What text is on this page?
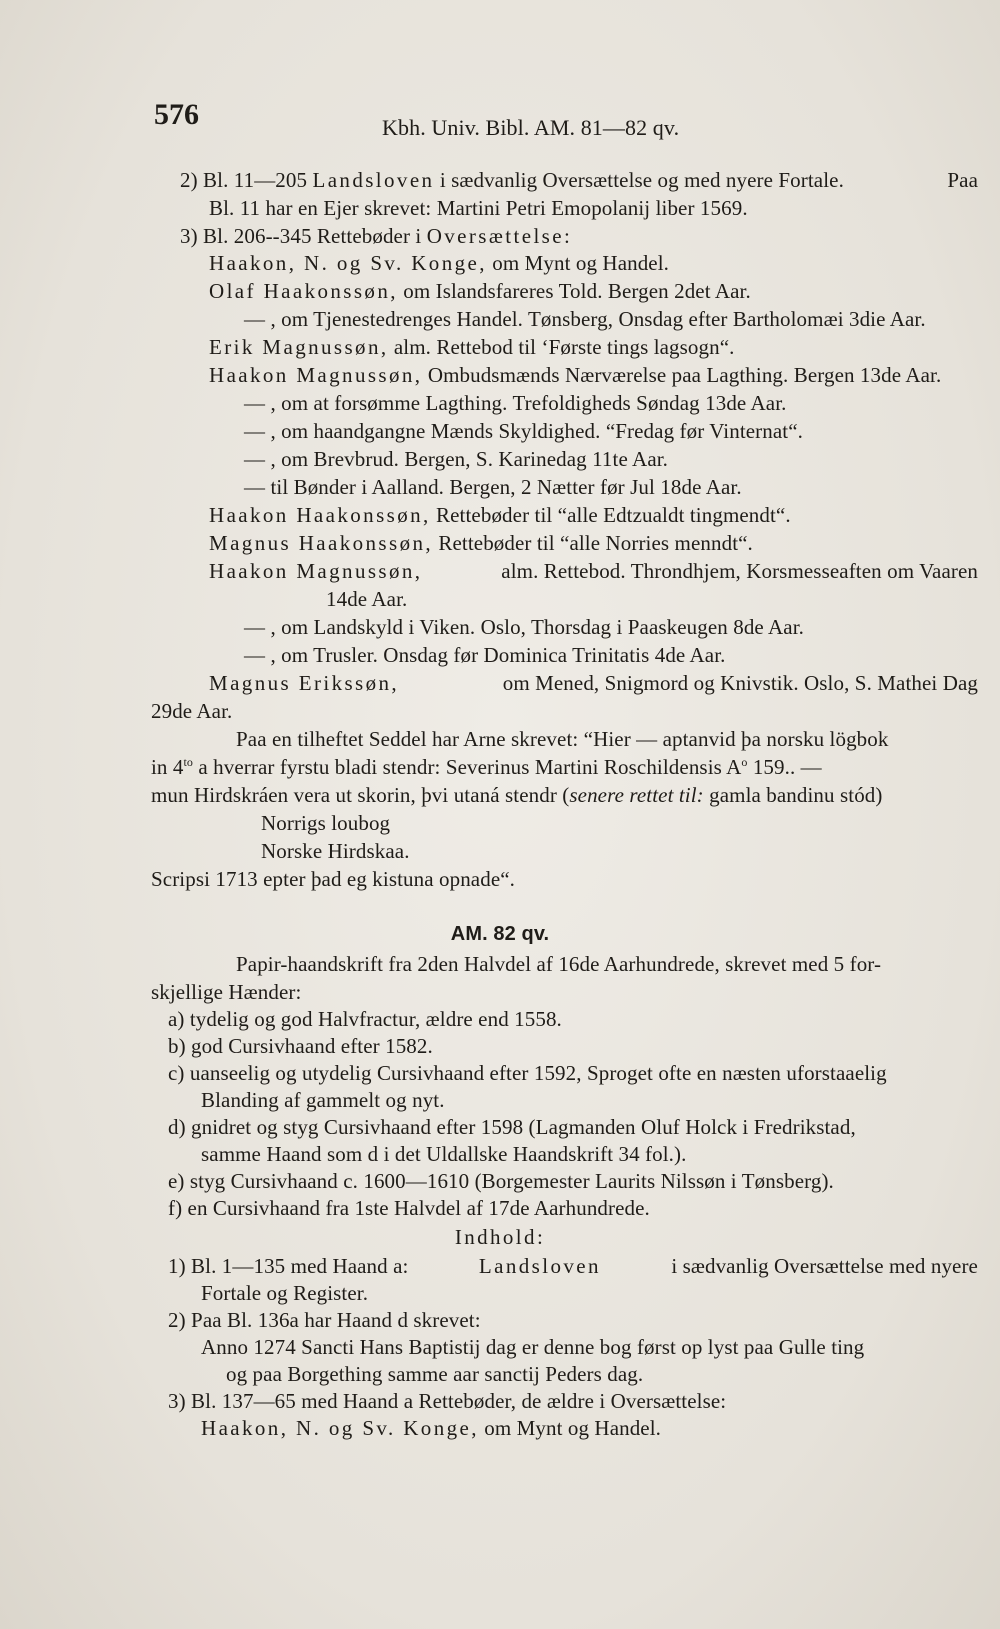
576	Kbh. Univ. Bibl. AM. 81—82 qv.
2) Bl. 11—205 Landsloven i sædvanlig Oversættelse og med nyere Fortale.	Paa
Bl. 11 har en Ejer skrevet: Martini Petri Emopolanij liber 1569.
3) Bl. 206--345 Rettebøder i Oversættelse:
Haakon, N. og Sv. Konge, om Mynt og Handel.
Olaf Haakonssøn, om Islandsfareres Told. Bergen 2det Aar.
— , om Tjenestedrenges Handel. Tønsberg, Onsdag efter Bartholomæi 3die Aar.
Erik Magnussøn, alm. Rettebod til ‘Første tings lagsogn“.
Haakon Magnussøn, Ombudsmænds Nærværelse paa Lagthing. Bergen 13de Aar.
— , om at forsømme Lagthing. Trefoldigheds Søndag 13de Aar.
— , om haandgangne Mænds Skyldighed. “Fredag før Vinternat“.
— , om Brevbrud. Bergen, S. Karinedag 11te Aar.
— til Bønder i Aalland. Bergen, 2 Nætter før Jul 18de Aar.
Haakon Haakonssøn, Rettebøder til “alle Edtzualdt tingmendt“.
Magnus Haakonssøn, Rettebøder til “alle Norries menndt“.
Haakon Magnussøn,	alm. Rettebod. Throndhjem, Korsmesseaften om Vaaren
14de Aar.
— , om Landskyld i Viken. Oslo, Thorsdag i Paaskeugen 8de Aar.
— , om Trusler. Onsdag før Dominica Trinitatis 4de Aar.
Magnus Erikssøn,	om Mened, Snigmord og Knivstik. Oslo, S. Mathei Dag
29de Aar.
Paa en tilheftet Seddel har Arne skrevet: “Hier — aptanvid þa norsku lögbok
in $4^{to}$ a hverrar fyrstu bladi stendr: Severinus Martini Roschildensis $A^o$ 159.. —
mun Hirdskráen vera ut skorin, þvi utaná stendr (senere rettet til: gamla bandinu stód)
Norrigs loubog
Norske Hirdskaa.
Scripsi 1713 epter þad eg kistuna opnade“.
AM. 82 qv.
Papir-haandskrift fra 2den Halvdel af 16de Aarhundrede, skrevet med 5 for-
skjellige Hænder:
a) tydelig og god Halvfractur, ældre end 1558.
b) god Cursivhaand efter 1582.
c) uanseelig og utydelig Cursivhaand efter 1592, Sproget ofte en næsten uforstaaelig
Blanding af gammelt og nyt.
d) gnidret og styg Cursivhaand efter 1598 (Lagmanden Oluf Holck i Fredrikstad,
samme Haand som d i det Uldallske Haandskrift 34 fol.).
e) styg Cursivhaand c. 1600—1610 (Borgemester Laurits Nilssøn i Tønsberg).
f) en Cursivhaand fra 1ste Halvdel af 17de Aarhundrede.
Indhold:
1) Bl. 1—135 med Haand a:	Landsloven	i sædvanlig Oversættelse med nyere
Fortale og Register.
2) Paa Bl. 136a har Haand d skrevet:
Anno 1274 Sancti Hans Baptistij dag er denne bog først op lyst paa Gulle ting
og paa Borgething samme aar sanctij Peders dag.
3) Bl. 137—65 med Haand a Rettebøder, de ældre i Oversættelse:
Haakon, N. og Sv. Konge, om Mynt og Handel.
